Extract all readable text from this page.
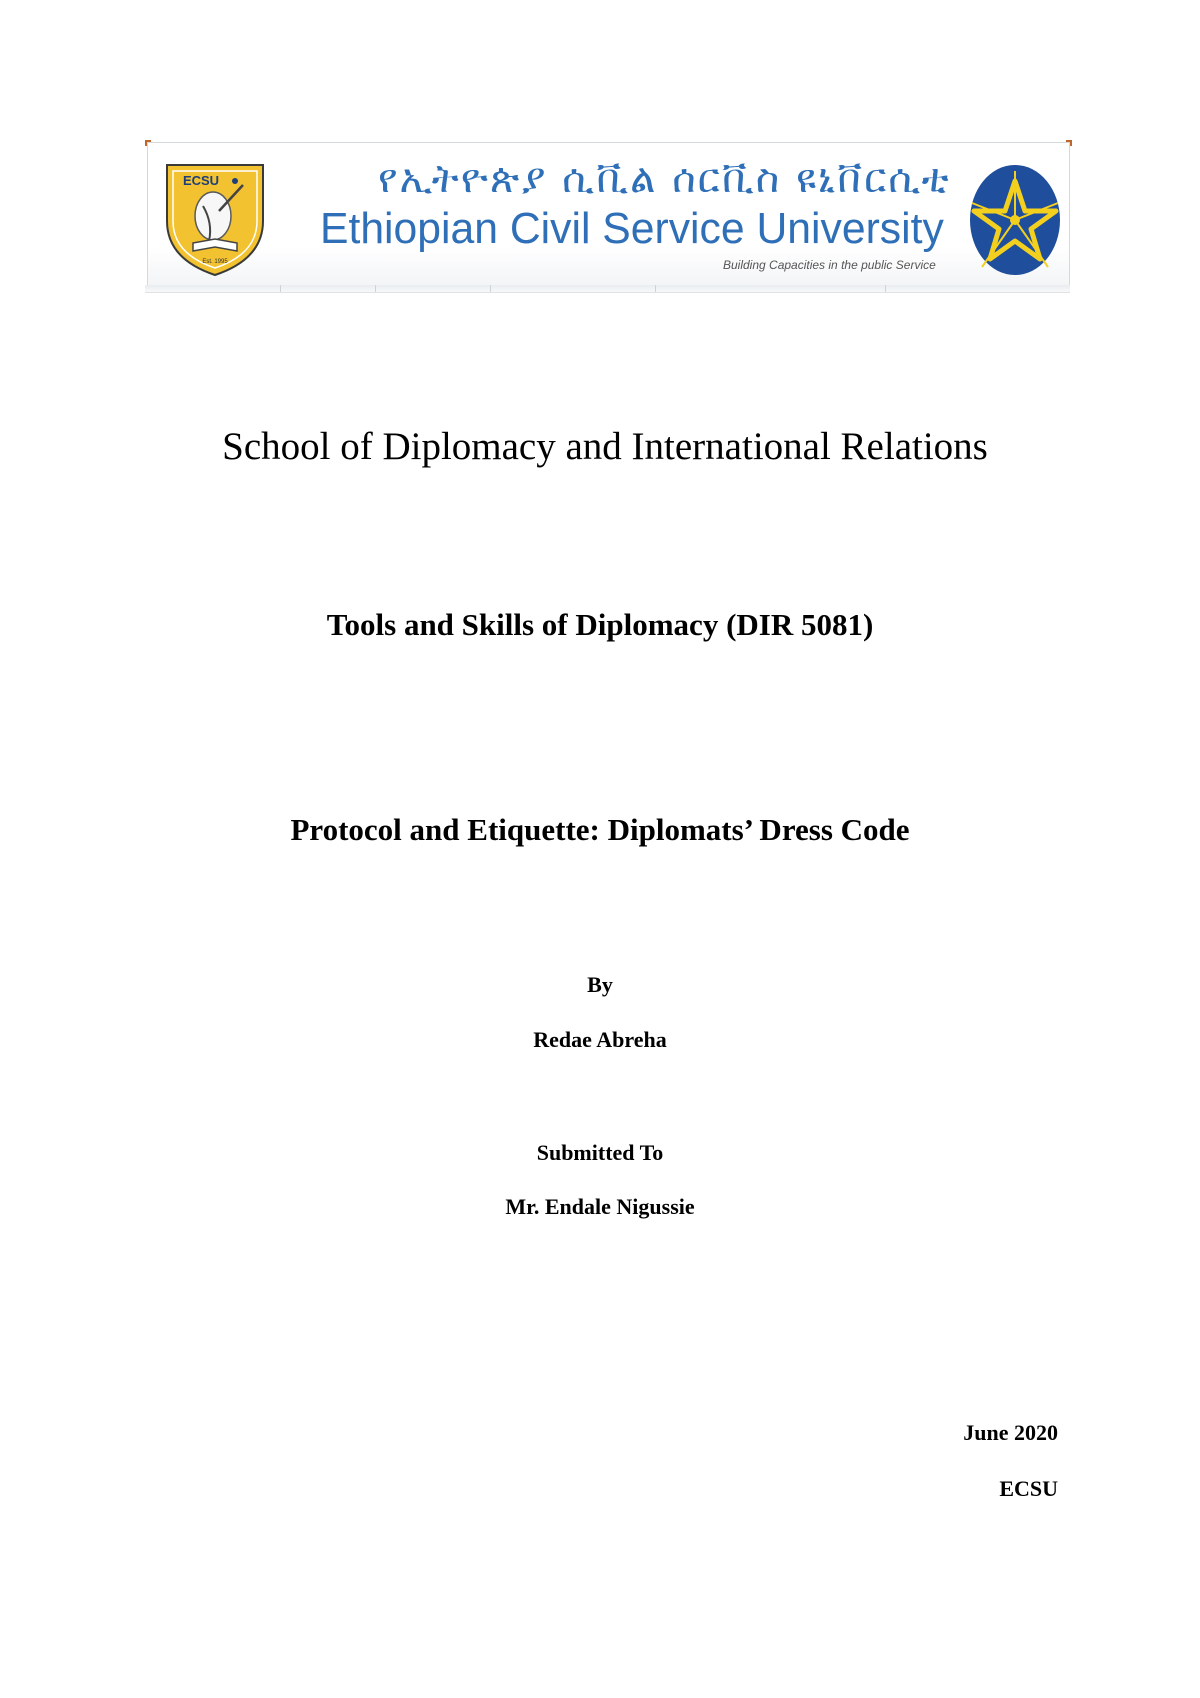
ECSU
Est. 1995
የኢትዮጵያ ሲቪል ሰርቪስ ዩኒቨርሲቲ
Ethiopian Civil Service University
Building Capacities in the public Service
School of Diplomacy and International Relations
Tools and Skills of Diplomacy (DIR 5081)
Protocol and Etiquette: Diplomats’ Dress Code
By
Redae Abreha
Submitted To
Mr. Endale Nigussie
June 2020
ECSU
